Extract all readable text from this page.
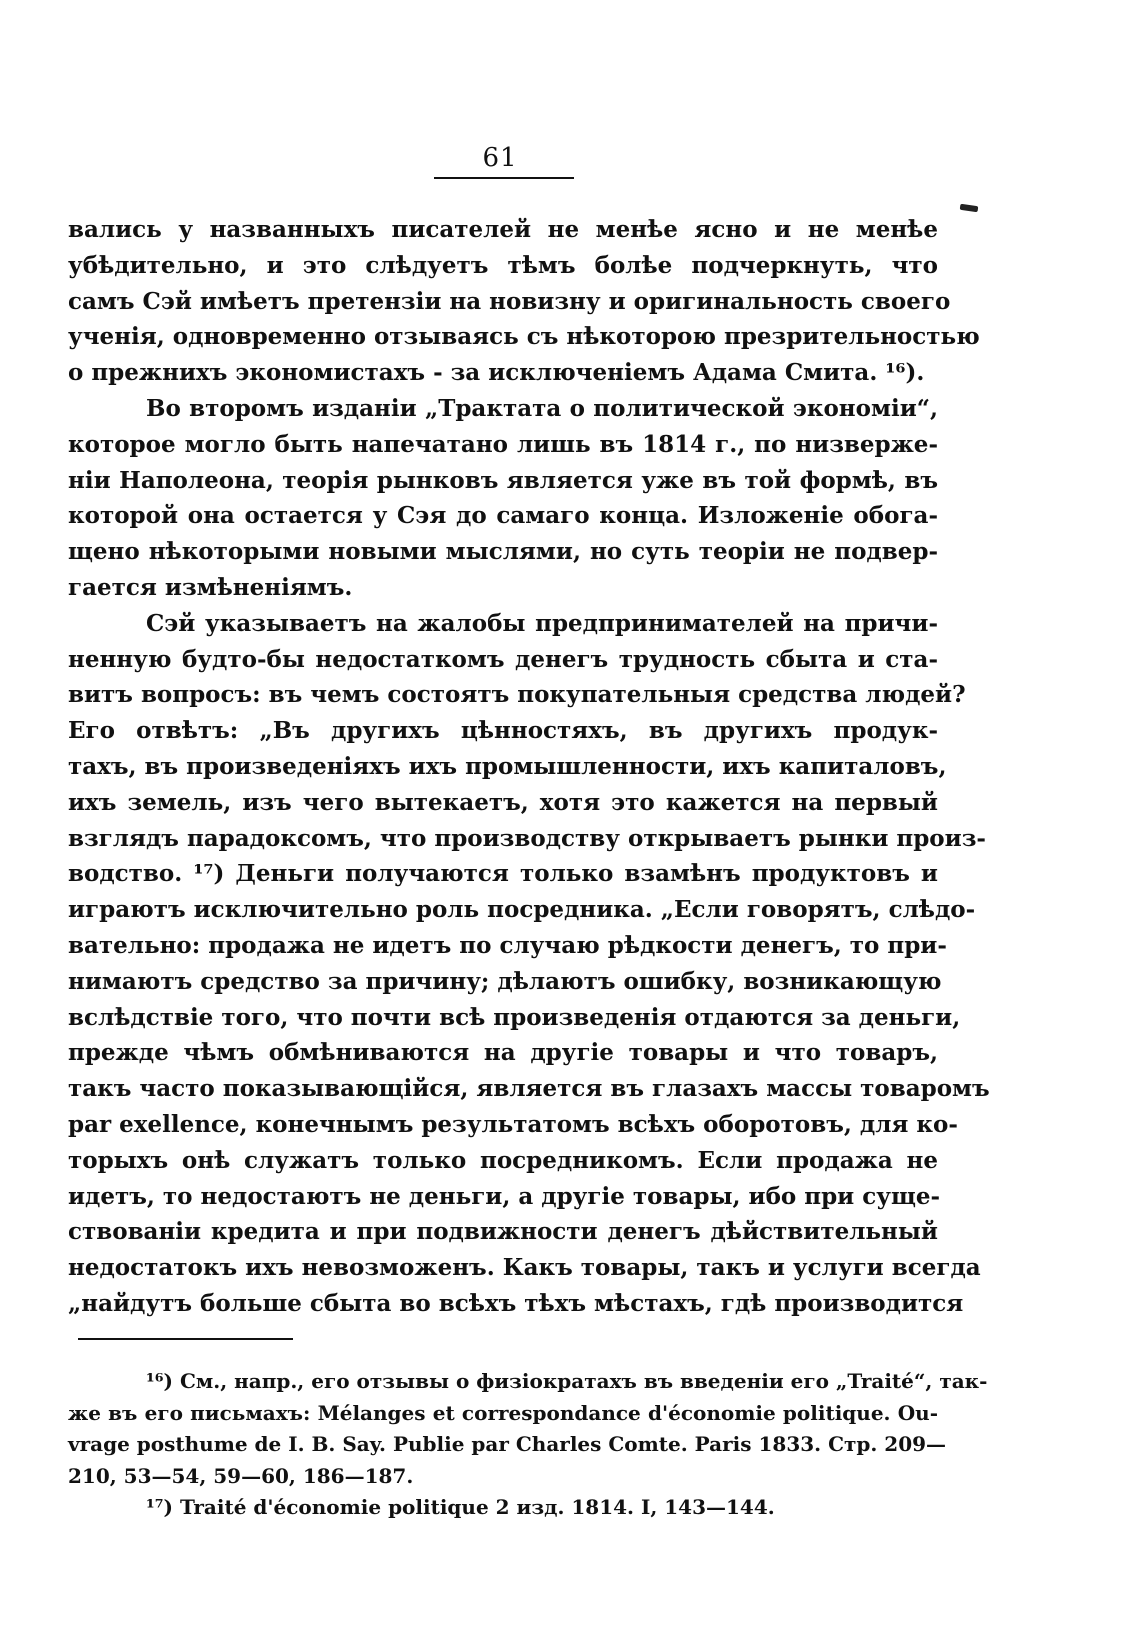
61
вались у названныхъ писателей не менѣе ясно и не менѣе
убѣдительно, и это слѣдуетъ тѣмъ болѣе подчеркнуть, что
самъ Сэй имѣетъ претензіи на новизну и оригинальность своего
ученія, одновременно отзываясь съ нѣкоторою презрительностью
о прежнихъ экономистахъ - за исключеніемъ Адама Смита. ¹⁶).
Во второмъ изданіи „Трактата о политической экономіи“,
которое могло быть напечатано лишь въ 1814 г., по низверже-
ніи Наполеона, теорія рынковъ является уже въ той формѣ, въ
которой она остается у Сэя до самаго конца. Изложеніе обога-
щено нѣкоторыми новыми мыслями, но суть теоріи не подвер-
гается измѣненіямъ.
Сэй указываетъ на жалобы предпринимателей на причи-
ненную будто-бы недостаткомъ денегъ трудность сбыта и ста-
витъ вопросъ: въ чемъ состоятъ покупательныя средства людей?
Его отвѣтъ: „Въ другихъ цѣнностяхъ, въ другихъ продук-
тахъ, въ произведеніяхъ ихъ промышленности, ихъ капиталовъ,
ихъ земель, изъ чего вытекаетъ, хотя это кажется на первый
взглядъ парадоксомъ, что производству открываетъ рынки произ-
водство. ¹⁷) Деньги получаются только взамѣнъ продуктовъ и
играютъ исключительно роль посредника. „Если говорятъ, слѣдо-
вательно: продажа не идетъ по случаю рѣдкости денегъ, то при-
нимаютъ средство за причину; дѣлаютъ ошибку, возникающую
вслѣдствіе того, что почти всѣ произведенія отдаются за деньги,
прежде чѣмъ обмѣниваются на другіе товары и что товаръ,
такъ часто показывающійся, является въ глазахъ массы товаромъ
par exellence, конечнымъ результатомъ всѣхъ оборотовъ, для ко-
торыхъ онѣ служатъ только посредникомъ. Если продажа не
идетъ, то недостаютъ не деньги, а другіе товары, ибо при суще-
ствованіи кредита и при подвижности денегъ дѣйствительный
недостатокъ ихъ невозможенъ. Какъ товары, такъ и услуги всегда
„найдутъ больше сбыта во всѣхъ тѣхъ мѣстахъ, гдѣ производится
¹⁶) См., напр., его отзывы о физіократахъ въ введеніи его „Traité“, так-
же въ его письмахъ: Mélanges et correspondance d'économie politique. Ou-
vrage posthume de I. B. Say. Publie par Charles Comte. Paris 1833. Стр. 209—
210, 53—54, 59—60, 186—187.
¹⁷) Traité d'économie politique 2 изд. 1814. I, 143—144.
